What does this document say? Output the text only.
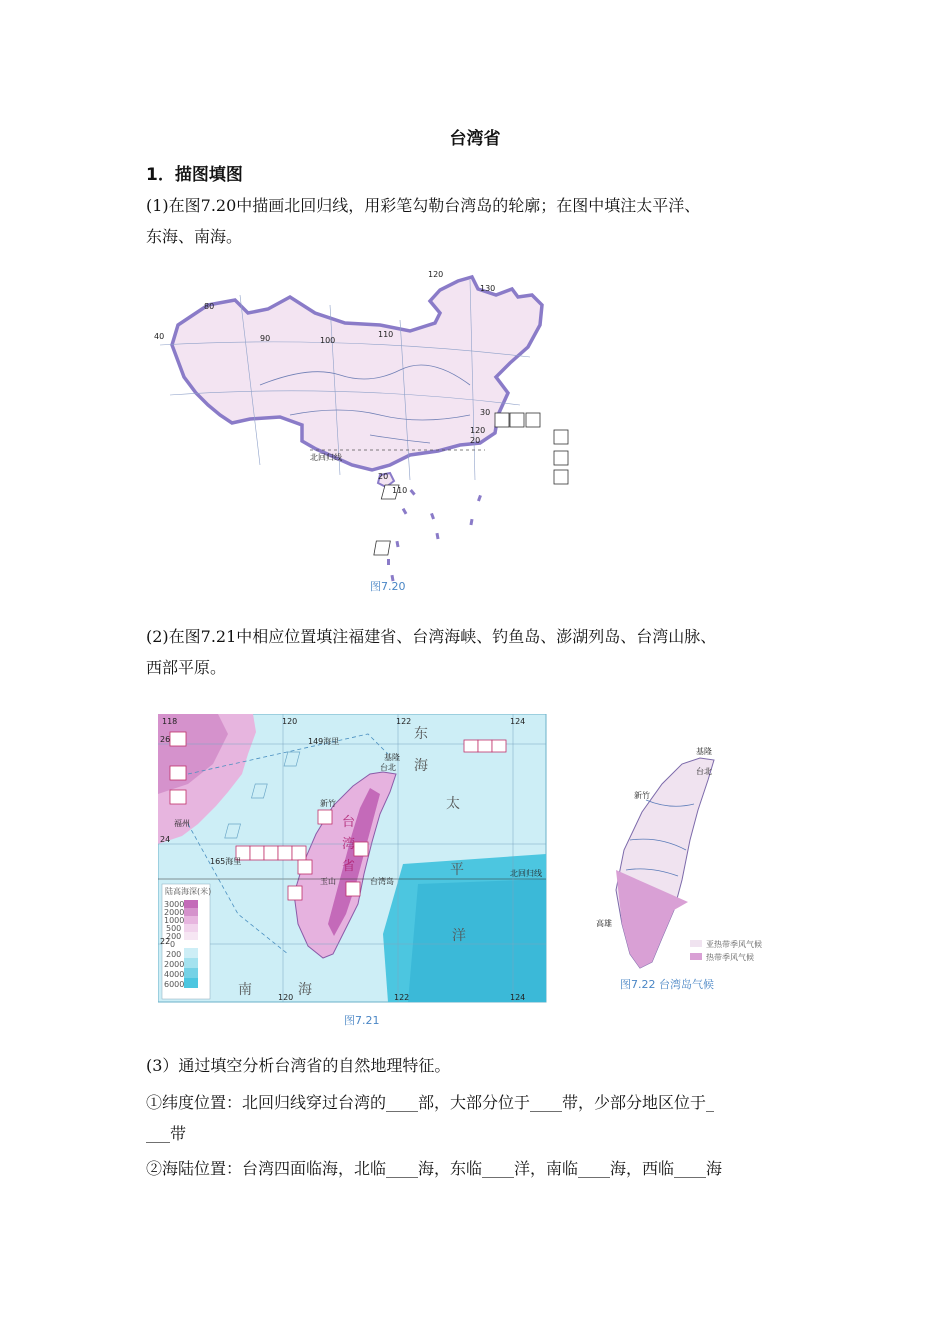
台湾省
1．描图填图
(1)在图7.20中描画北回归线，用彩笔勾勒台湾岛的轮廓；在图中填注太平洋、
东海、南海。
120
130
110
100
90
80
40
120
110
30
20
20
北回归线
图7.20
(2)在图7.21中相应位置填注福建省、台湾海峡、钓鱼岛、澎湖列岛、台湾山脉、
西部平原。
陆高海深(米)
3000
2000
1000
500
200
0
200
2000
4000
6000
118	120	122	124
120	122	124
26
24
22
台北
基隆
新竹
玉山	台湾岛
北回归线
福州
149海里
165海里
东
海
太
平
洋
南	海
台
湾
省
图7.21
基隆
台北
新竹
高雄
亚热带季风气候
热带季风气候
图7.22 台湾岛气候
(3）通过填空分析台湾省的自然地理特征。
①纬度位置：北回归线穿过台湾的____部，大部分位于____带，少部分地区位于_
___带
②海陆位置：台湾四面临海，北临____海，东临____洋，南临____海，西临____海
